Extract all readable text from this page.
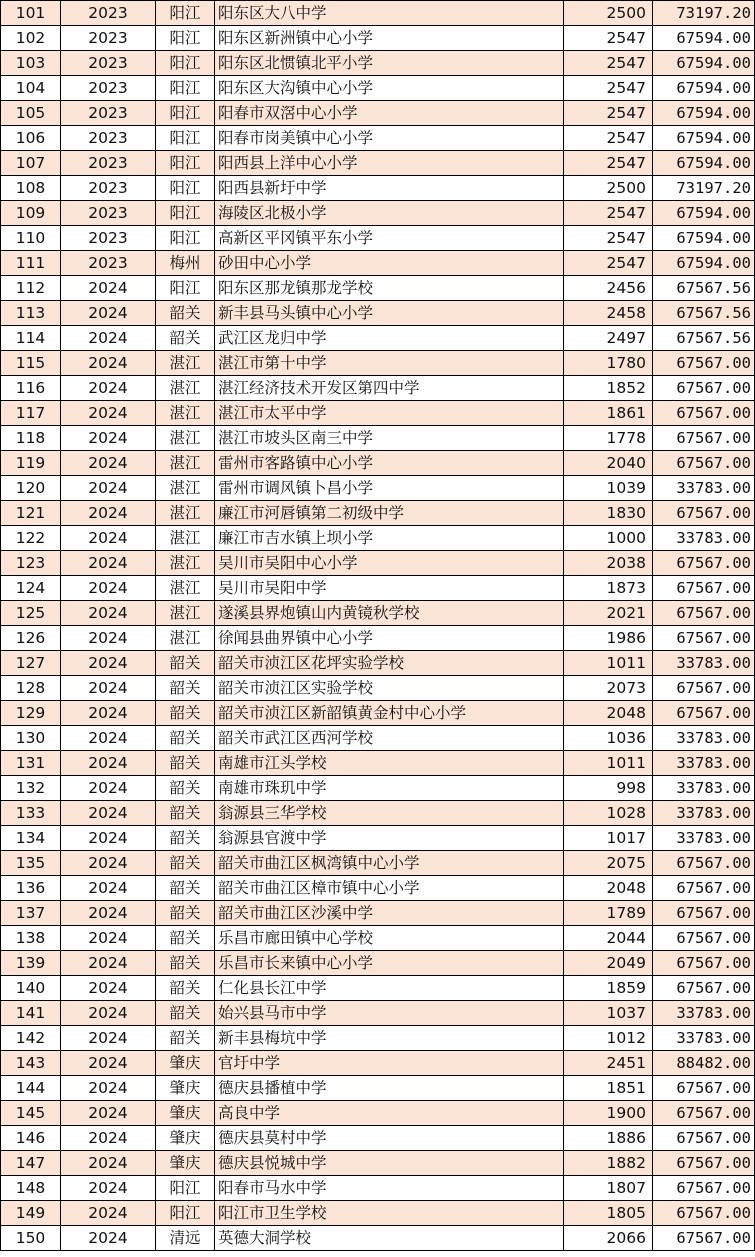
101	2023	阳江	阳东区大八中学	2500	73197.20
102	2023	阳江	阳东区新洲镇中心小学	2547	67594.00
103	2023	阳江	阳东区北惯镇北平小学	2547	67594.00
104	2023	阳江	阳东区大沟镇中心小学	2547	67594.00
105	2023	阳江	阳春市双滘中心小学	2547	67594.00
106	2023	阳江	阳春市岗美镇中心小学	2547	67594.00
107	2023	阳江	阳西县上洋中心小学	2547	67594.00
108	2023	阳江	阳西县新圩中学	2500	73197.20
109	2023	阳江	海陵区北极小学	2547	67594.00
110	2023	阳江	高新区平冈镇平东小学	2547	67594.00
111	2023	梅州	砂田中心小学	2547	67594.00
112	2024	阳江	阳东区那龙镇那龙学校	2456	67567.56
113	2024	韶关	新丰县马头镇中心小学	2458	67567.56
114	2024	韶关	武江区龙归中学	2497	67567.56
115	2024	湛江	湛江市第十中学	1780	67567.00
116	2024	湛江	湛江经济技术开发区第四中学	1852	67567.00
117	2024	湛江	湛江市太平中学	1861	67567.00
118	2024	湛江	湛江市坡头区南三中学	1778	67567.00
119	2024	湛江	雷州市客路镇中心小学	2040	67567.00
120	2024	湛江	雷州市调风镇卜昌小学	1039	33783.00
121	2024	湛江	廉江市河唇镇第二初级中学	1830	67567.00
122	2024	湛江	廉江市吉水镇上坝小学	1000	33783.00
123	2024	湛江	吴川市吴阳中心小学	2038	67567.00
124	2024	湛江	吴川市吴阳中学	1873	67567.00
125	2024	湛江	遂溪县界炮镇山内黄镜秋学校	2021	67567.00
126	2024	湛江	徐闻县曲界镇中心小学	1986	67567.00
127	2024	韶关	韶关市浈江区花坪实验学校	1011	33783.00
128	2024	韶关	韶关市浈江区实验学校	2073	67567.00
129	2024	韶关	韶关市浈江区新韶镇黄金村中心小学	2048	67567.00
130	2024	韶关	韶关市武江区西河学校	1036	33783.00
131	2024	韶关	南雄市江头学校	1011	33783.00
132	2024	韶关	南雄市珠玑中学	998	33783.00
133	2024	韶关	翁源县三华学校	1028	33783.00
134	2024	韶关	翁源县官渡中学	1017	33783.00
135	2024	韶关	韶关市曲江区枫湾镇中心小学	2075	67567.00
136	2024	韶关	韶关市曲江区樟市镇中心小学	2048	67567.00
137	2024	韶关	韶关市曲江区沙溪中学	1789	67567.00
138	2024	韶关	乐昌市廊田镇中心学校	2044	67567.00
139	2024	韶关	乐昌市长来镇中心小学	2049	67567.00
140	2024	韶关	仁化县长江中学	1859	67567.00
141	2024	韶关	始兴县马市中学	1037	33783.00
142	2024	韶关	新丰县梅坑中学	1012	33783.00
143	2024	肇庆	官圩中学	2451	88482.00
144	2024	肇庆	德庆县播植中学	1851	67567.00
145	2024	肇庆	高良中学	1900	67567.00
146	2024	肇庆	德庆县莫村中学	1886	67567.00
147	2024	肇庆	德庆县悦城中学	1882	67567.00
148	2024	阳江	阳春市马水中学	1807	67567.00
149	2024	阳江	阳江市卫生学校	1805	67567.00
150	2024	清远	英德大洞学校	2066	67567.00
